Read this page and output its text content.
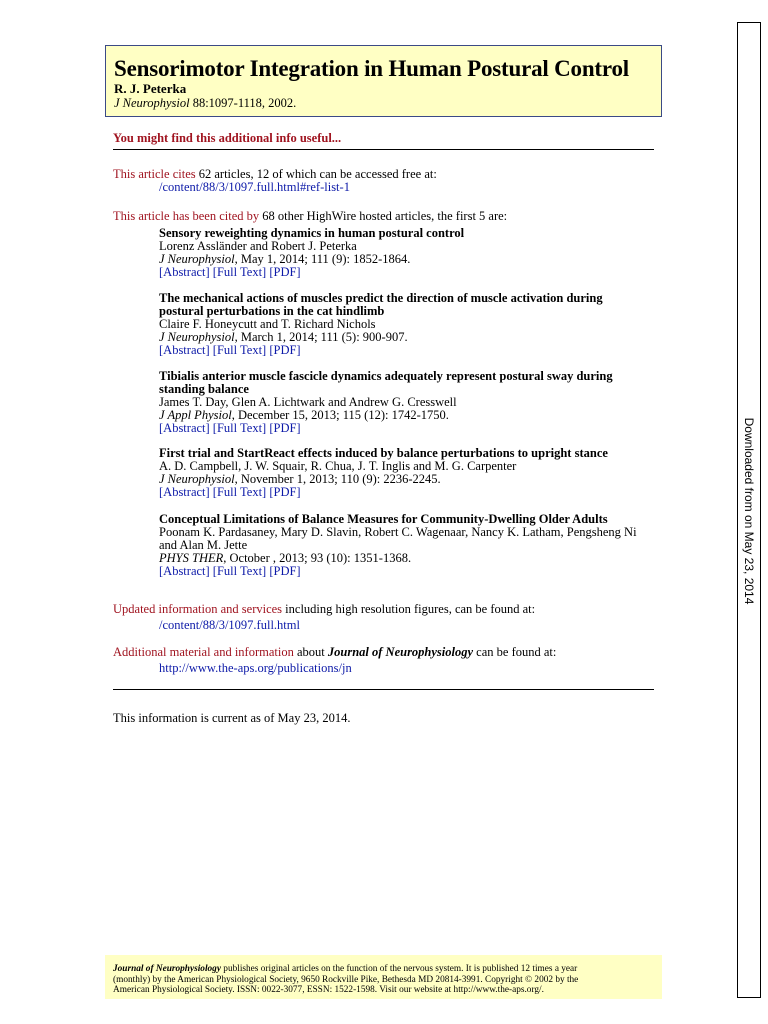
Sensorimotor Integration in Human Postural Control
R. J. Peterka
J Neurophysiol 88:1097-1118, 2002.
You might find this additional info useful...
This article cites 62 articles, 12 of which can be accessed free at:
/content/88/3/1097.full.html#ref-list-1
This article has been cited by 68 other HighWire hosted articles, the first 5 are:
Sensory reweighting dynamics in human postural control
Lorenz Assländer and Robert J. Peterka
J Neurophysiol, May 1, 2014; 111 (9): 1852-1864.
[Abstract] [Full Text] [PDF]
The mechanical actions of muscles predict the direction of muscle activation during
postural perturbations in the cat hindlimb
Claire F. Honeycutt and T. Richard Nichols
J Neurophysiol, March 1, 2014; 111 (5): 900-907.
[Abstract] [Full Text] [PDF]
Tibialis anterior muscle fascicle dynamics adequately represent postural sway during
standing balance
James T. Day, Glen A. Lichtwark and Andrew G. Cresswell
J Appl Physiol, December 15, 2013; 115 (12): 1742-1750.
[Abstract] [Full Text] [PDF]
First trial and StartReact effects induced by balance perturbations to upright stance
A. D. Campbell, J. W. Squair, R. Chua, J. T. Inglis and M. G. Carpenter
J Neurophysiol, November 1, 2013; 110 (9): 2236-2245.
[Abstract] [Full Text] [PDF]
Conceptual Limitations of Balance Measures for Community-Dwelling Older Adults
Poonam K. Pardasaney, Mary D. Slavin, Robert C. Wagenaar, Nancy K. Latham, Pengsheng Ni
and Alan M. Jette
PHYS THER, October , 2013; 93 (10): 1351-1368.
[Abstract] [Full Text] [PDF]
Updated information and services including high resolution figures, can be found at:
/content/88/3/1097.full.html
Additional material and information about Journal of Neurophysiology can be found at:
http://www.the-aps.org/publications/jn
This information is current as of May 23, 2014.
Journal of Neurophysiology publishes original articles on the function of the nervous system. It is published 12 times a year
(monthly) by the American Physiological Society, 9650 Rockville Pike, Bethesda MD 20814-3991. Copyright © 2002 by the
American Physiological Society. ISSN: 0022-3077, ESSN: 1522-1598. Visit our website at http://www.the-aps.org/.
Downloaded from on May 23, 2014
